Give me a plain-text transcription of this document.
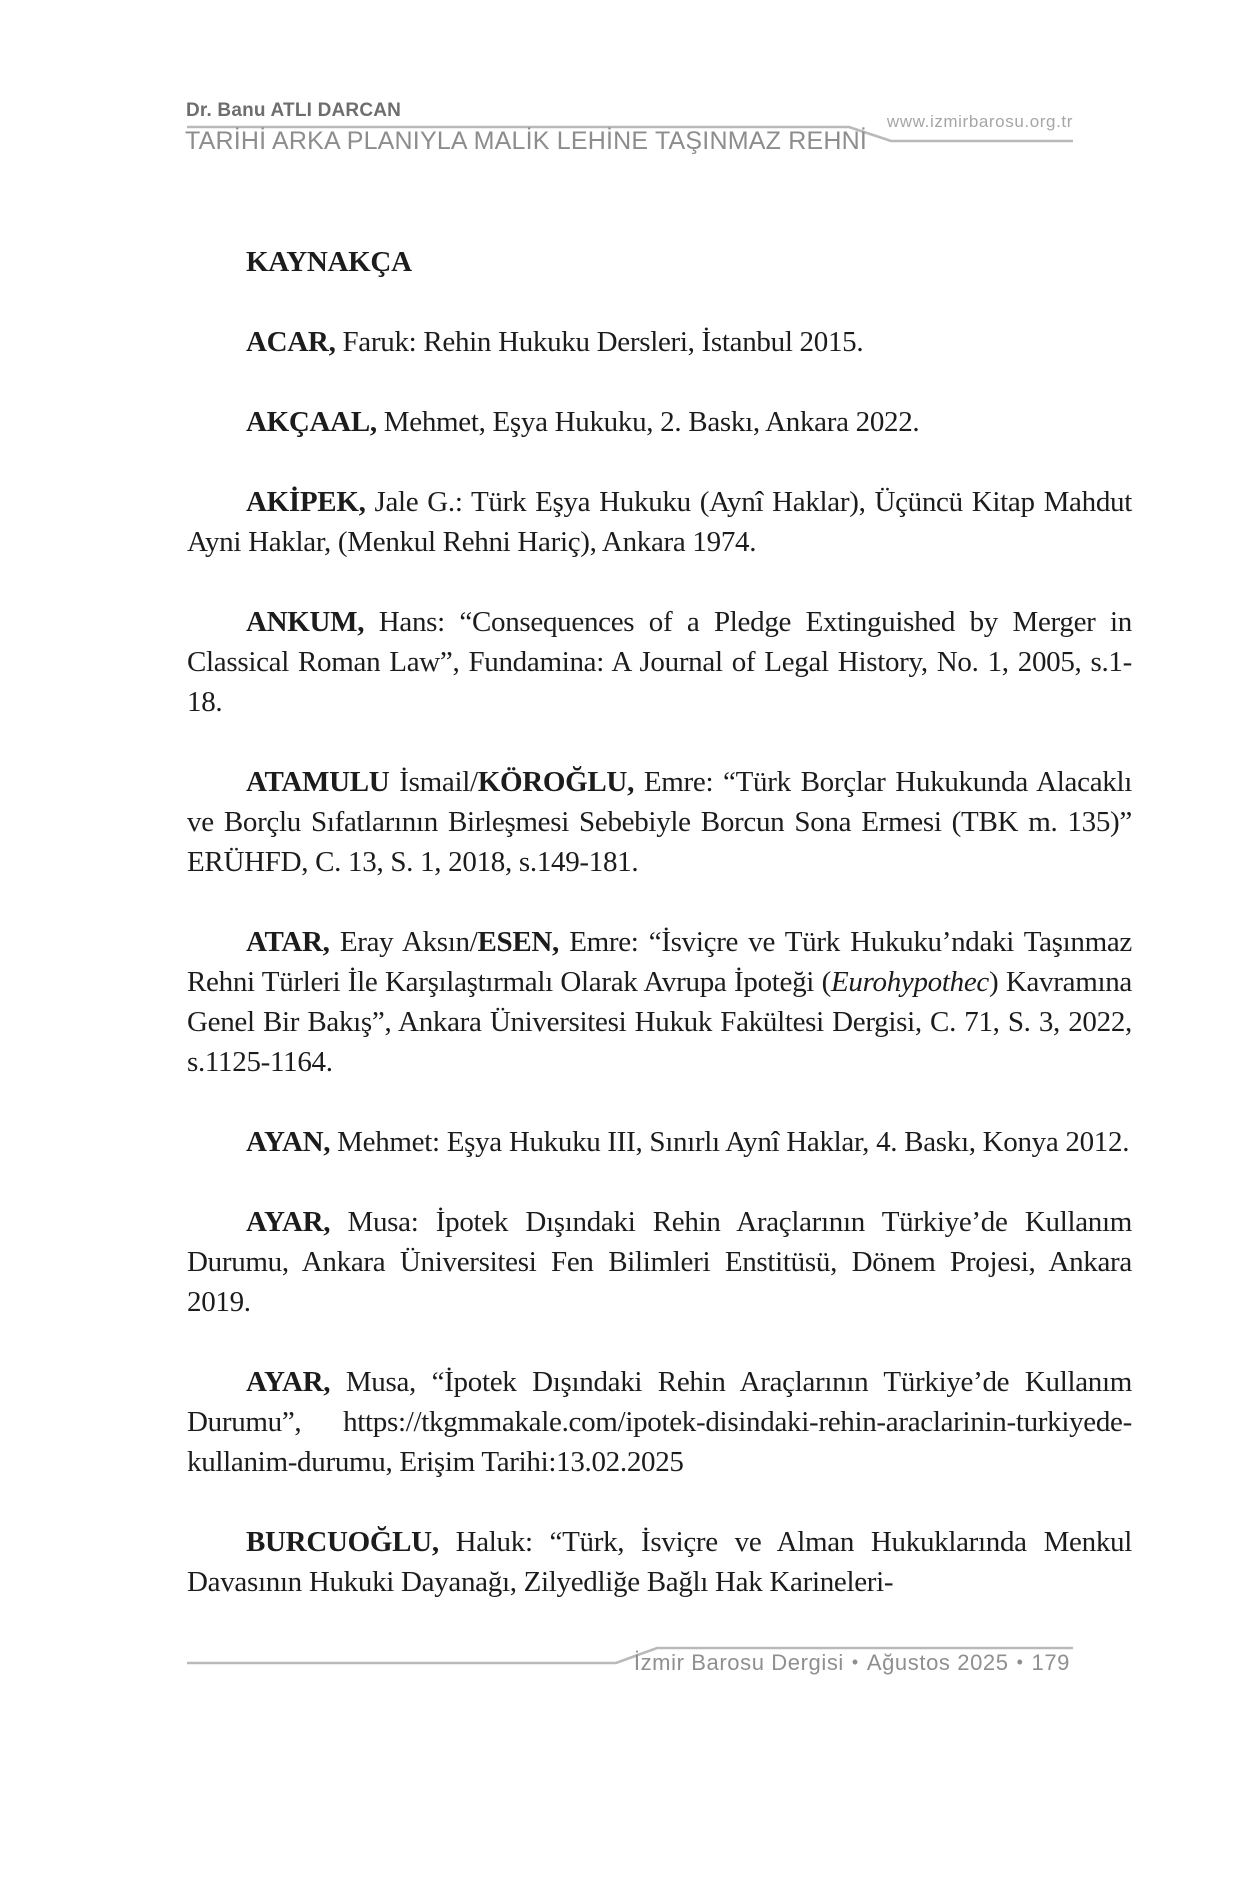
Dr. Banu ATLI DARCAN
TARİHİ ARKA PLANIYLA MALİK LEHİNE TAŞINMAZ REHNİ
www.izmirbarosu.org.tr

KAYNAKÇA

ACAR, Faruk: Rehin Hukuku Dersleri, İstanbul 2015.

AKÇAAL, Mehmet, Eşya Hukuku, 2. Baskı, Ankara 2022.

AKİPEK, Jale G.: Türk Eşya Hukuku (Aynî Haklar), Üçüncü Kitap Mahdut Ayni Haklar, (Menkul Rehni Hariç), Ankara 1974.

ANKUM, Hans: “Consequences of a Pledge Extinguished by Merger in Classical Roman Law”, Fundamina: A Journal of Legal History, No. 1, 2005, s.1-18.

ATAMULU İsmail/KÖROĞLU, Emre: “Türk Borçlar Hukukunda Alacaklı ve Borçlu Sıfatlarının Birleşmesi Sebebiyle Borcun Sona Ermesi (TBK m. 135)” ERÜHFD, C. 13, S. 1, 2018, s.149-181.

ATAR, Eray Aksın/ESEN, Emre: “İsviçre ve Türk Hukuku’ndaki Taşınmaz Rehni Türleri İle Karşılaştırmalı Olarak Avrupa İpoteği (Eurohypothec) Kavramına Genel Bir Bakış”, Ankara Üniversitesi Hukuk Fakültesi Dergisi, C. 71, S. 3, 2022, s.1125-1164.

AYAN, Mehmet: Eşya Hukuku III, Sınırlı Aynî Haklar, 4. Baskı, Konya 2012.

AYAR, Musa: İpotek Dışındaki Rehin Araçlarının Türkiye’de Kullanım Durumu, Ankara Üniversitesi Fen Bilimleri Enstitüsü, Dönem Projesi, Ankara 2019.

AYAR, Musa, “İpotek Dışındaki Rehin Araçlarının Türkiye’de Kullanım Durumu”, https://tkgmmakale.com/ipotek-disindaki-rehin-araclarinin-turkiyede-kullanim-durumu, Erişim Tarihi:13.02.2025

BURCUOĞLU, Haluk: “Türk, İsviçre ve Alman Hukuklarında Menkul Davasının Hukuki Dayanağı, Zilyedliğe Bağlı Hak Karineleri-

İzmir Barosu Dergisi • Ağustos 2025 • 179
